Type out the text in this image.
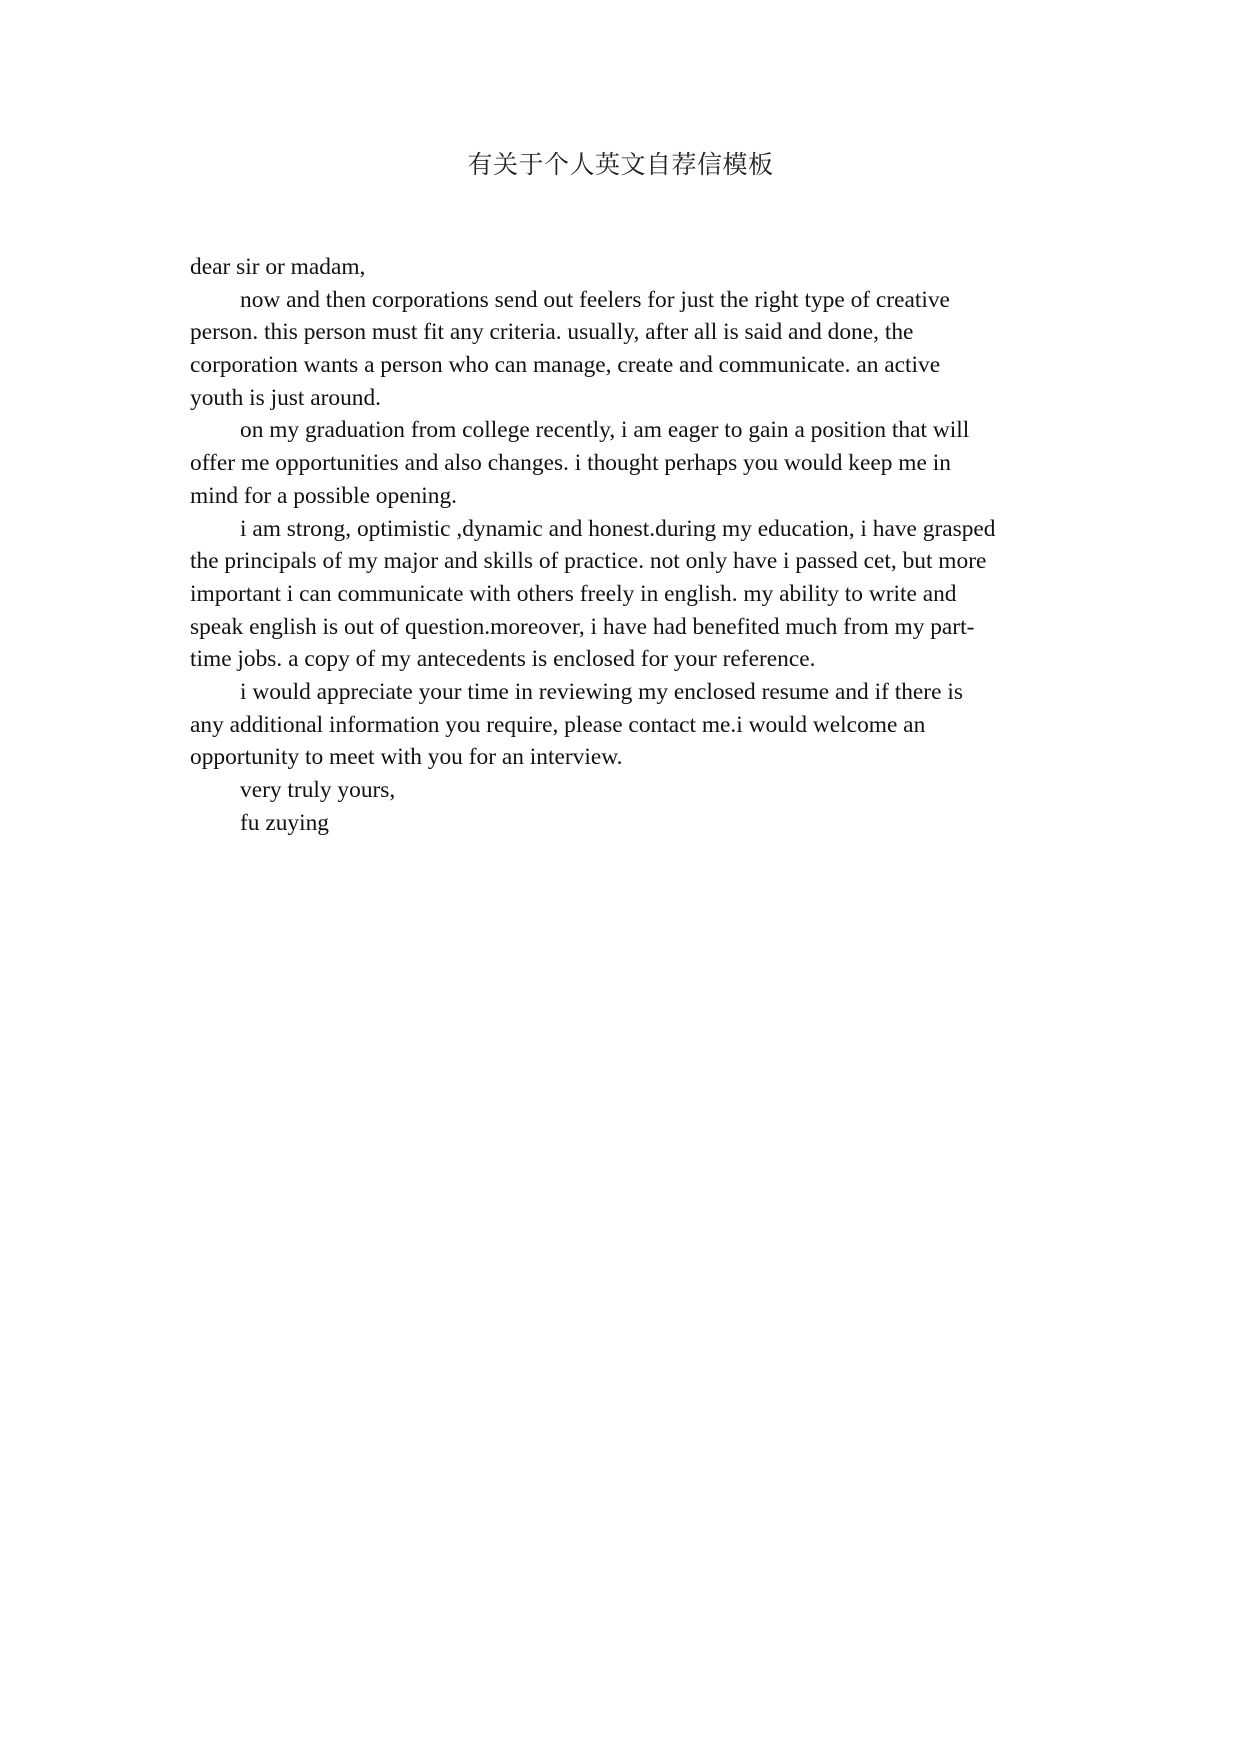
有关于个人英文自荐信模板
dear sir or madam,
now and then corporations send out feelers for just the right type of creative
person. this person must fit any criteria. usually, after all is said and done, the
corporation wants a person who can manage, create and communicate. an active
youth is just around.
on my graduation from college recently, i am eager to gain a position that will
offer me opportunities and also changes. i thought perhaps you would keep me in
mind for a possible opening.
i am strong, optimistic ,dynamic and honest.during my education, i have grasped
the principals of my major and skills of practice. not only have i passed cet, but more
important i can communicate with others freely in english. my ability to write and
speak english is out of question.moreover, i have had benefited much from my part-
time jobs. a copy of my antecedents is enclosed for your reference.
i would appreciate your time in reviewing my enclosed resume and if there is
any additional information you require, please contact me.i would welcome an
opportunity to meet with you for an interview.
very truly yours,
fu zuying
